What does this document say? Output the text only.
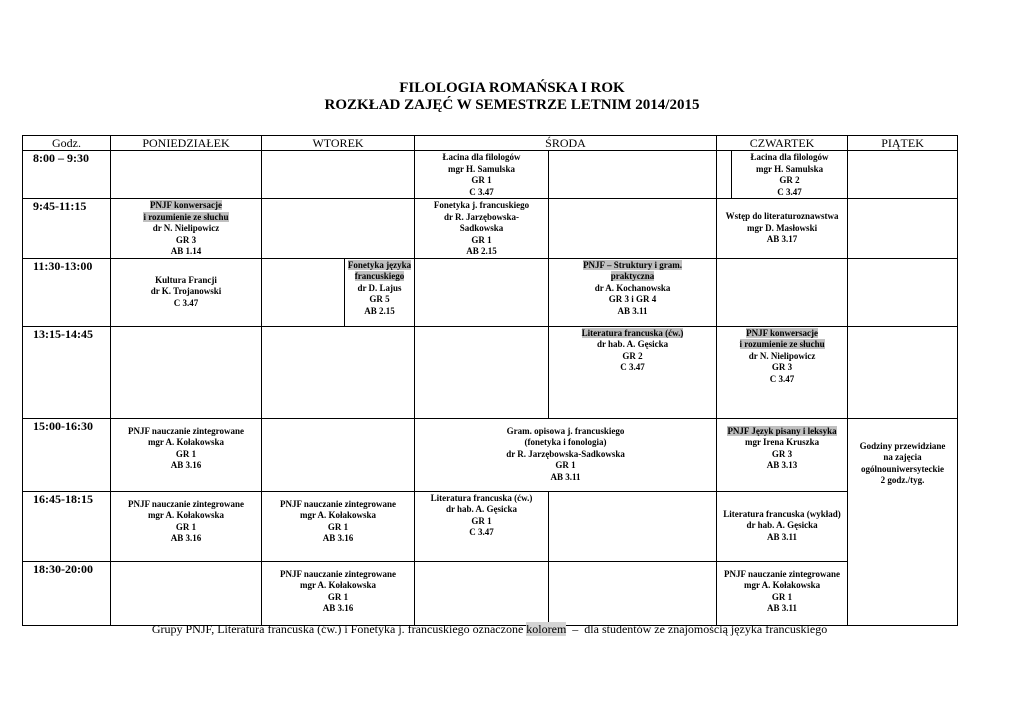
FILOLOGIA ROMAŃSKA I ROK
ROZKŁAD ZAJĘĆ W SEMESTRZE LETNIM 2014/2015
Godz.	PONIEDZIAŁEK	WTOREK		ŚRODA		CZWARTEK		PIĄTEK
8:00 – 9:30				Łacina dla filologów
mgr H. Samulska
GR 1
C 3.47			Łacina dla filologów
mgr H. Samulska
GR 2
C 3.47	

9:45-11:15	PNJF konwersacje
i rozumienie ze słuchu
dr N. Nielipowicz
GR 3
AB 1.14			Fonetyka j. francuskiego
dr R. Jarzębowska-
Sadkowska
GR 1
AB 2.15		Wstęp do literaturoznawstwa
mgr D. Masłowski
AB 3.17		

11:30-13:00	Kultura Francji
dr K. Trojanowski
C 3.47		Fonetyka języka
francuskiego
dr D. Lajus
GR 5
AB 2.15		PNJF – Struktury i gram.
praktyczna
dr A. Kochanowska
GR 3 i GR 4
AB 3.11			

13:15-14:45					Literatura francuska (ćw.)
dr hab. A. Gęsicka
GR 2
C 3.47	PNJF konwersacje
i rozumienie ze słuchu
dr N. Nielipowicz
GR 3
C 3.47		

15:00-16:30	PNJF nauczanie zintegrowane
mgr A. Kołakowska
GR 1
AB 3.16			Gram. opisowa j. francuskiego
(fonetyka i fonologia)
dr R. Jarzębowska-Sadkowska
GR 1
AB 3.11		PNJF Język pisany i leksyka
mgr Irena Kruszka
GR 3
AB 3.13		Godziny przewidziane
na zajęcia
ogólnouniwersyteckie
2 godz./tyg.

16:45-18:15	PNJF nauczanie zintegrowane
mgr A. Kołakowska
GR 1
AB 3.16	PNJF nauczanie zintegrowane
mgr A. Kołakowska
GR 1
AB 3.16		Literatura francuska (ćw.)
dr hab. A. Gęsicka
GR 1
C 3.47		Literatura francuska (wykład)
dr hab. A. Gęsicka
AB 3.11		

18:30-20:00		PNJF nauczanie zintegrowane
mgr A. Kołakowska
GR 1
AB 3.16				PNJF nauczanie zintegrowane
mgr A. Kołakowska
GR 1
AB 3.11		
Grupy PNJF, Literatura francuska (ćw.) i Fonetyka j. francuskiego oznaczone kolorem  –  dla studentów ze znajomością języka francuskiego
